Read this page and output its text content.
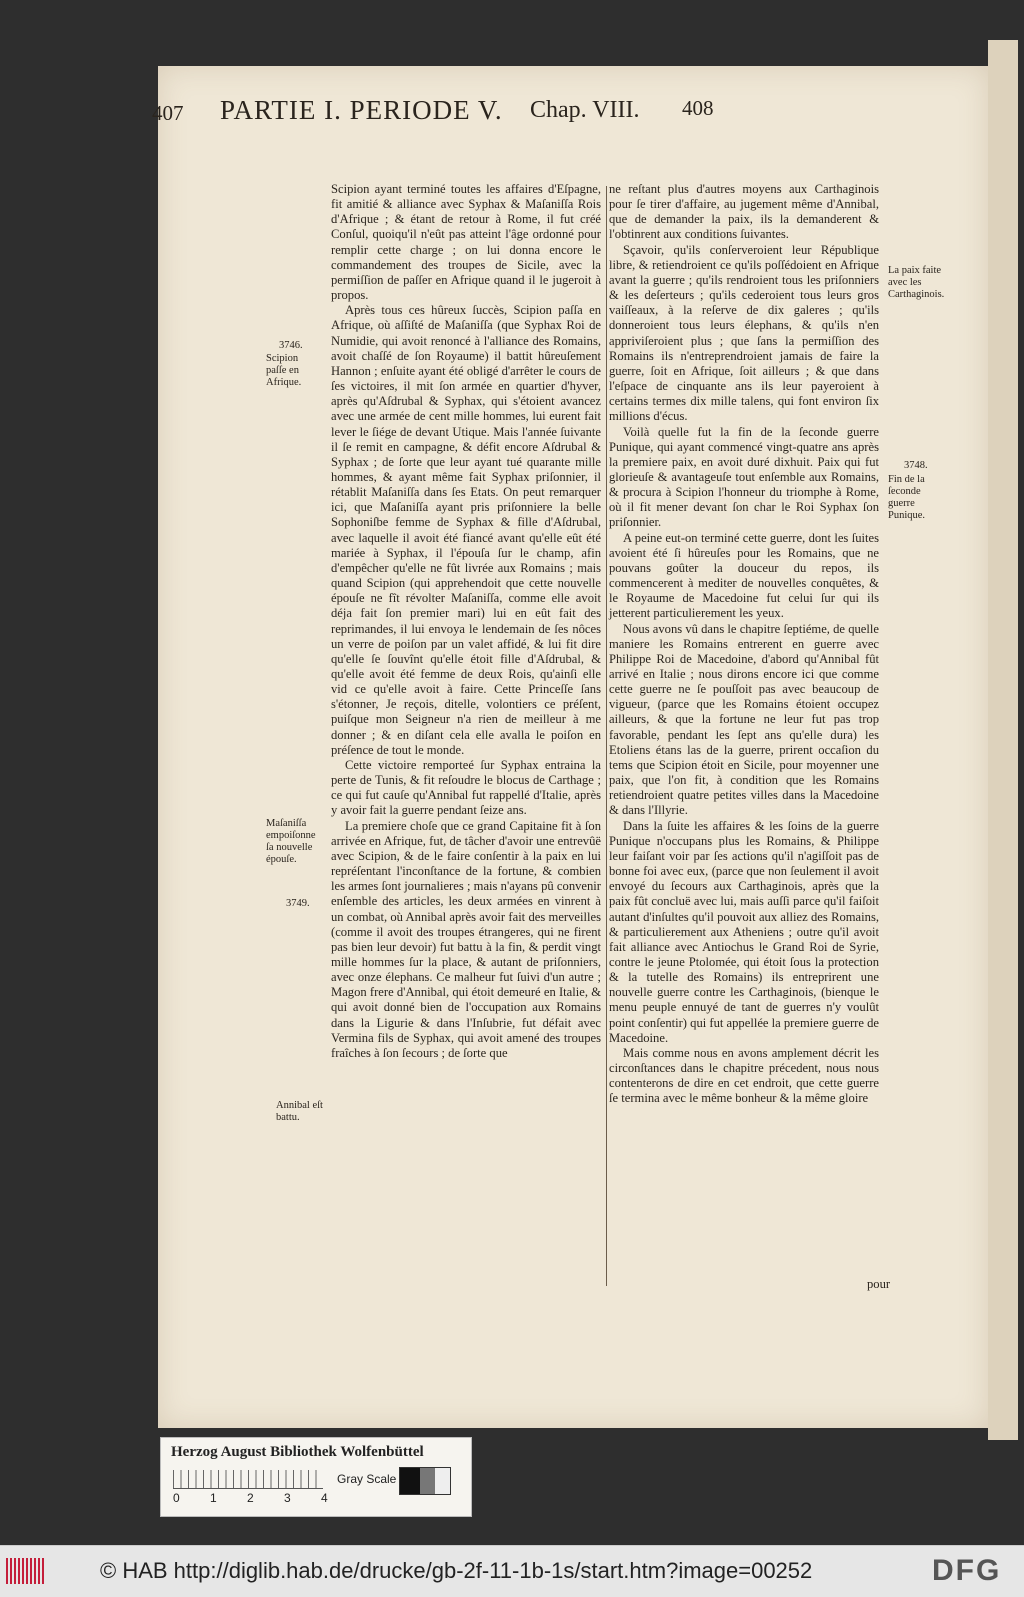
407 PARTIE I. PERIODE V. Chap. VIII. 408

Scipion ayant terminé toutes les affaires d'Eſpagne, fit amitié & alliance avec Syphax & Maſaniſſa Rois d'Afrique ; & étant de retour à Rome, il fut créé Conſul, quoiqu'il n'eût pas atteint l'âge ordonné pour remplir cette charge ; on lui donna encore le commandement des troupes de Sicile, avec la permiſſion de paſſer en Afrique quand il le jugeroit à propos.

Après tous ces hûreux ſuccès, Scipion paſſa en Afrique, où aſſiſté de Maſaniſſa (que Syphax Roi de Numidie, qui avoit renoncé à l'alliance des Romains, avoit chaſſé de ſon Royaume) il battit hûreuſement Hannon ; enſuite ayant été obligé d'arrêter le cours de ſes victoires, il mit ſon armée en quartier d'hyver, après qu'Aſdrubal & Syphax, qui s'étoient avancez avec une armée de cent mille hommes, lui eurent fait lever le ſiége de devant Utique. Mais l'année ſuivante il ſe remit en campagne, & défit encore Aſdrubal & Syphax ; de ſorte que leur ayant tué quarante mille hommes, & ayant même fait Syphax priſonnier, il rétablit Maſaniſſa dans ſes Etats. On peut remarquer ici, que Maſaniſſa ayant pris priſonniere la belle Sophoniſbe femme de Syphax & fille d'Aſdrubal, avec laquelle il avoit été fiancé avant qu'elle eût été mariée à Syphax, il l'épouſa ſur le champ, afin d'empêcher qu'elle ne fût livrée aux Romains ; mais quand Scipion (qui apprehendoit que cette nouvelle épouſe ne fît révolter Maſaniſſa, comme elle avoit déja fait ſon premier mari) lui en eût fait des reprimandes, il lui envoya le lendemain de ſes nôces un verre de poiſon par un valet affidé, & lui fit dire qu'elle ſe ſouvînt qu'elle étoit fille d'Aſdrubal, & qu'elle avoit été femme de deux Rois, qu'ainſi elle vid ce qu'elle avoit à faire. Cette Princeſſe ſans s'étonner, Je reçois, ditelle, volontiers ce préſent, puiſque mon Seigneur n'a rien de meilleur à me donner ; & en diſant cela elle avalla le poiſon en préſence de tout le monde.

Cette victoire remporteé ſur Syphax entraina la perte de Tunis, & fit reſoudre le blocus de Carthage ; ce qui fut cauſe qu'Annibal fut rappellé d'Italie, après y avoir fait la guerre pendant ſeize ans.

La premiere choſe que ce grand Capitaine fit à ſon arrivée en Afrique, fut, de tâcher d'avoir une entrevûë avec Scipion, & de le faire conſentir à la paix en lui repréſentant l'inconſtance de la fortune, & combien les armes ſont journalieres ; mais n'ayans pû convenir enſemble des articles, les deux armées en vinrent à un combat, où Annibal après avoir fait des merveilles (comme il avoit des troupes étrangeres, qui ne firent pas bien leur devoir) fut battu à la fin, & perdit vingt mille hommes ſur la place, & autant de priſonniers, avec onze élephans. Ce malheur fut ſuivi d'un autre ; Magon frere d'Annibal, qui étoit demeuré en Italie, & qui avoit donné bien de l'occupation aux Romains dans la Ligurie & dans l'Inſubrie, fut défait avec Vermina fils de Syphax, qui avoit amené des troupes fraîches à ſon ſecours ; de ſorte que

ne reſtant plus d'autres moyens aux Carthaginois pour ſe tirer d'affaire, au jugement même d'Annibal, que de demander la paix, ils la demanderent & l'obtinrent aux conditions ſuivantes.

Sçavoir, qu'ils conſerveroient leur République libre, & retiendroient ce qu'ils poſſédoient en Afrique avant la guerre ; qu'ils rendroient tous les priſonniers & les deſerteurs ; qu'ils cederoient tous leurs gros vaiſſeaux, à la reſerve de dix galeres ; qu'ils donneroient tous leurs élephans, & qu'ils n'en appriviſeroient plus ; que ſans la permiſſion des Romains ils n'entreprendroient jamais de faire la guerre, ſoit en Afrique, ſoit ailleurs ; & que dans l'eſpace de cinquante ans ils leur payeroient à certains termes dix mille talens, qui font environ ſix millions d'écus.

Voilà quelle fut la fin de la ſeconde guerre Punique, qui ayant commencé vingt-quatre ans après la premiere paix, en avoit duré dixhuit. Paix qui fut glorieuſe & avantageuſe tout enſemble aux Romains, & procura à Scipion l'honneur du triomphe à Rome, où il fit mener devant ſon char le Roi Syphax ſon priſonnier.

A peine eut-on terminé cette guerre, dont les ſuites avoient été ſi hûreuſes pour les Romains, que ne pouvans goûter la douceur du repos, ils commencerent à mediter de nouvelles conquêtes, & le Royaume de Macedoine fut celui ſur qui ils jetterent particulierement les yeux.

Nous avons vû dans le chapitre ſeptiéme, de quelle maniere les Romains entrerent en guerre avec Philippe Roi de Macedoine, d'abord qu'Annibal fût arrivé en Italie ; nous dirons encore ici que comme cette guerre ne ſe pouſſoit pas avec beaucoup de vigueur, (parce que les Romains étoient occupez ailleurs, & que la fortune ne leur fut pas trop favorable, pendant les ſept ans qu'elle dura) les Etoliens étans las de la guerre, prirent occaſion du tems que Scipion étoit en Sicile, pour moyenner une paix, que l'on fit, à condition que les Romains retiendroient quatre petites villes dans la Macedoine & dans l'Illyrie.

Dans la ſuite les affaires & les ſoins de la guerre Punique n'occupans plus les Romains, & Philippe leur faiſant voir par ſes actions qu'il n'agiſſoit pas de bonne foi avec eux, (parce que non ſeulement il avoit envoyé du ſecours aux Carthaginois, après que la paix fût concluë avec lui, mais auſſi parce qu'il faiſoit autant d'inſultes qu'il pouvoit aux alliez des Romains, & particulierement aux Atheniens ; outre qu'il avoit fait alliance avec Antiochus le Grand Roi de Syrie, contre le jeune Ptolomée, qui étoit ſous la protection & la tutelle des Romains) ils entreprirent une nouvelle guerre contre les Carthaginois, (bienque le menu peuple ennuyé de tant de guerres n'y voulût point conſentir) qui fut appellée la premiere guerre de Macedoine.

Mais comme nous en avons amplement décrit les circonſtances dans le chapitre précedent, nous nous contenterons de dire en cet endroit, que cette guerre ſe termina avec le même bonheur & la même gloire

pour
3746.
Scipion paſſe en Afrique.
Maſaniſſa empoiſonne ſa nouvelle épouſe.
3749.
Annibal eſt battu.
La paix faite avec les Carthaginois.
3748.
Fin de la ſeconde guerre Punique.
Herzog August Bibliothek Wolfenbüttel
0	1	2	3	4
Gray Scale
© HAB http://diglib.hab.de/drucke/gb-2f-11-1b-1s/start.htm?image=00252	DFG
